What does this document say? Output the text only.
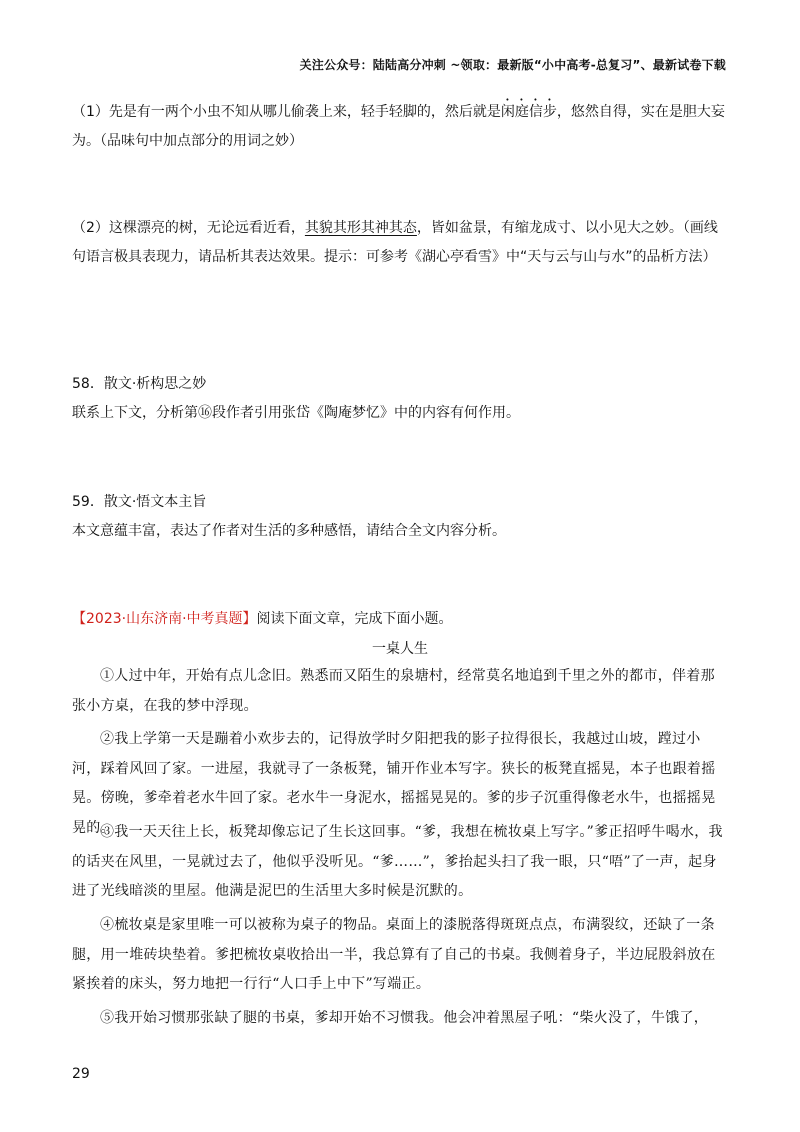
关注公众号：陆陆高分冲刺 ~领取：最新版“小中高考-总复习”、最新试卷下载
（1）先是有一两个小虫不知从哪儿偷袭上来，轻手轻脚的，然后就是闲庭信步，悠然自得，实在是胆大妄为。（品味句中加点部分的用词之妙）
（2）这棵漂亮的树，无论远看近看，其貌其形其神其态，皆如盆景，有缩龙成寸、以小见大之妙。（画线句语言极具表现力，请品析其表达效果。提示：可参考《湖心亭看雪》中“天与云与山与水”的品析方法）
58．散文·析构思之妙
联系上下文，分析第⑯段作者引用张岱《陶庵梦忆》中的内容有何作用。
59．散文·悟文本主旨
本文意蕴丰富，表达了作者对生活的多种感悟，请结合全文内容分析。
【2023·山东济南·中考真题】阅读下面文章，完成下面小题。
一桌人生
①人过中年，开始有点儿念旧。熟悉而又陌生的泉塘村，经常莫名地追到千里之外的都市，伴着那张小方桌，在我的梦中浮现。
②我上学第一天是蹦着小欢步去的，记得放学时夕阳把我的影子拉得很长，我越过山坡，蹚过小河，踩着风回了家。一进屋，我就寻了一条板凳，铺开作业本写字。狭长的板凳直摇晃，本子也跟着摇晃。傍晚，爹牵着老水牛回了家。老水牛一身泥水，摇摇晃晃的。爹的步子沉重得像老水牛，也摇摇晃晃的。
③我一天天往上长，板凳却像忘记了生长这回事。“爹，我想在梳妆桌上写字。”爹正招呼牛喝水，我的话夹在风里，一晃就过去了，他似乎没听见。“爹……”，爹抬起头扫了我一眼，只“唔”了一声，起身进了光线暗淡的里屋。他满是泥巴的生活里大多时候是沉默的。
④梳妆桌是家里唯一可以被称为桌子的物品。桌面上的漆脱落得斑斑点点，布满裂纹，还缺了一条腿，用一堆砖块垫着。爹把梳妆桌收拾出一半，我总算有了自己的书桌。我侧着身子，半边屁股斜放在紧挨着的床头，努力地把一行行“人口手上中下”写端正。
⑤我开始习惯那张缺了腿的书桌，爹却开始不习惯我。他会冲着黑屋子吼：“柴火没了，牛饿了，
29
